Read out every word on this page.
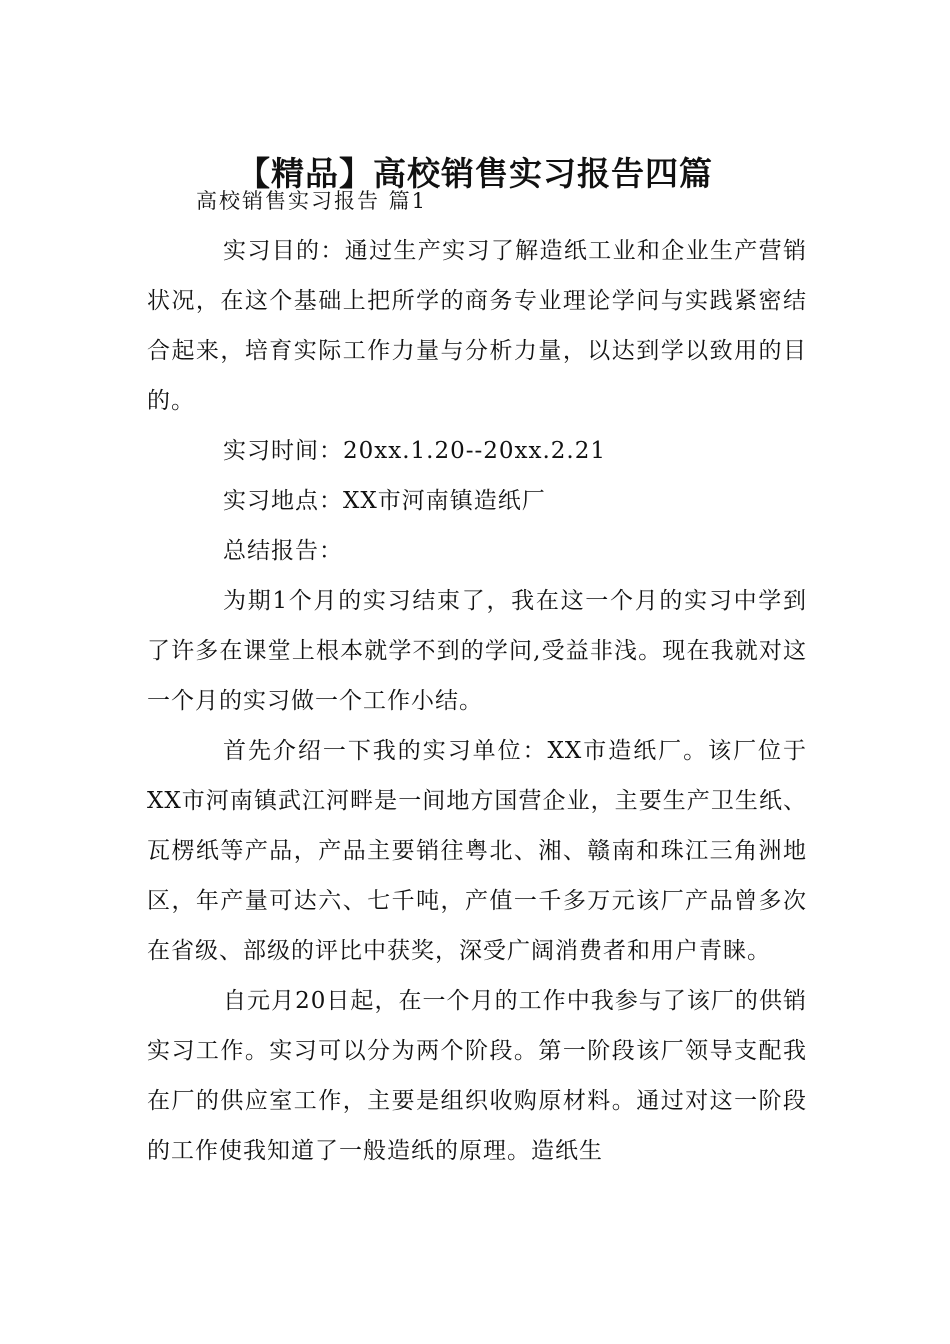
【精品】高校销售实习报告四篇
高校销售实习报告 篇1

实习目的：通过生产实习了解造纸工业和企业生产营销状况，在这个基础上把所学的商务专业理论学问与实践紧密结合起来，培育实际工作力量与分析力量，以达到学以致用的目的。

实习时间：20xx.1.20--20xx.2.21

实习地点：XX市河南镇造纸厂

总结报告：

为期1个月的实习结束了，我在这一个月的实习中学到了许多在课堂上根本就学不到的学问,受益非浅。现在我就对这一个月的实习做一个工作小结。

首先介绍一下我的实习单位：XX市造纸厂。该厂位于XX市河南镇武江河畔是一间地方国营企业，主要生产卫生纸、瓦楞纸等产品，产品主要销往粤北、湘、赣南和珠江三角洲地区，年产量可达六、七千吨，产值一千多万元该厂产品曾多次在省级、部级的评比中获奖，深受广阔消费者和用户青睐。

自元月20日起，在一个月的工作中我参与了该厂的供销实习工作。实习可以分为两个阶段。第一阶段该厂领导支配我在厂的供应室工作，主要是组织收购原材料。通过对这一阶段的工作使我知道了一般造纸的原理。造纸生
